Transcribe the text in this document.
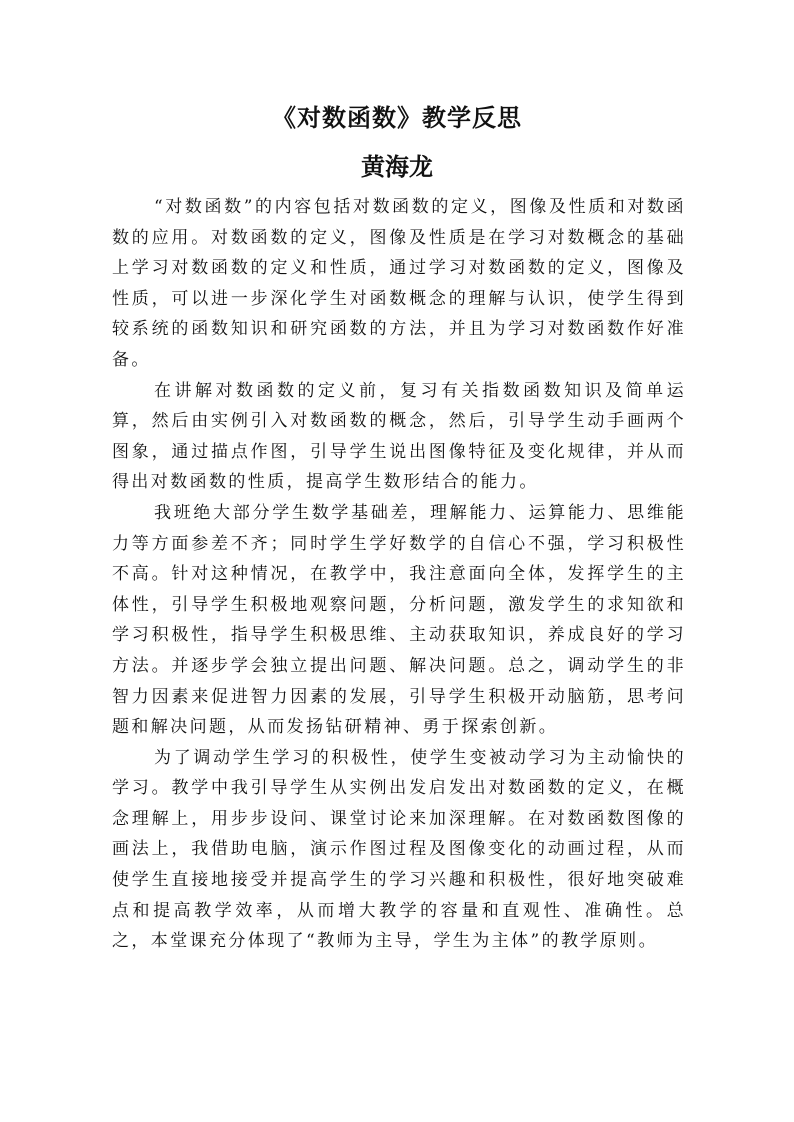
《对数函数》教学反思
黄海龙

“对数函数”的内容包括对数函数的定义，图像及性质和对数函数的应用。对数函数的定义，图像及性质是在学习对数概念的基础上学习对数函数的定义和性质，通过学习对数函数的定义，图像及性质，可以进一步深化学生对函数概念的理解与认识，使学生得到较系统的函数知识和研究函数的方法，并且为学习对数函数作好准备。

在讲解对数函数的定义前，复习有关指数函数知识及简单运算，然后由实例引入对数函数的概念，然后，引导学生动手画两个图象，通过描点作图，引导学生说出图像特征及变化规律，并从而得出对数函数的性质，提高学生数形结合的能力。

我班绝大部分学生数学基础差，理解能力、运算能力、思维能力等方面参差不齐；同时学生学好数学的自信心不强，学习积极性不高。针对这种情况，在教学中，我注意面向全体，发挥学生的主体性，引导学生积极地观察问题，分析问题，激发学生的求知欲和学习积极性，指导学生积极思维、主动获取知识，养成良好的学习方法。并逐步学会独立提出问题、解决问题。总之，调动学生的非智力因素来促进智力因素的发展，引导学生积极开动脑筋，思考问题和解决问题，从而发扬钻研精神、勇于探索创新。

为了调动学生学习的积极性，使学生变被动学习为主动愉快的学习。教学中我引导学生从实例出发启发出对数函数的定义，在概念理解上，用步步设问、课堂讨论来加深理解。在对数函数图像的画法上，我借助电脑，演示作图过程及图像变化的动画过程，从而使学生直接地接受并提高学生的学习兴趣和积极性，很好地突破难点和提高教学效率，从而增大教学的容量和直观性、准确性。总之，本堂课充分体现了“教师为主导，学生为主体”的教学原则。
